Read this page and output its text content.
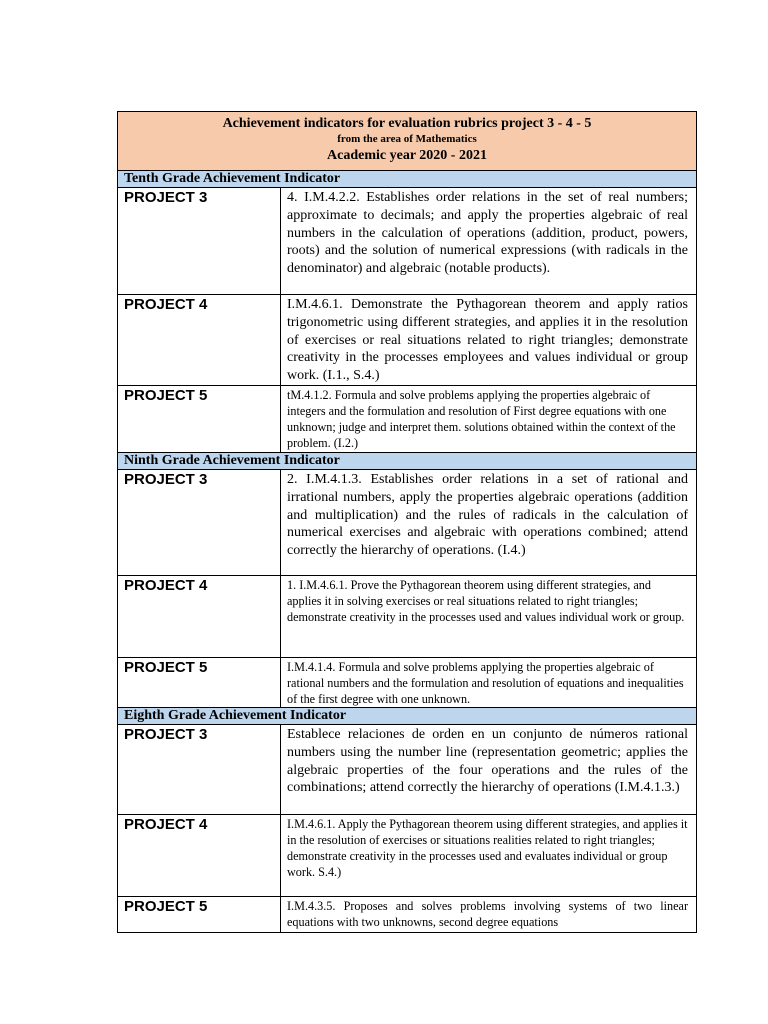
Achievement indicators for evaluation rubrics project 3 - 4 - 5
from the area of Mathematics
Academic year 2020 - 2021	

Tenth Grade Achievement Indicator	
PROJECT 3	4. I.M.4.2.2. Establishes order relations in the set of real numbers; approximate to decimals; and apply the properties algebraic of real numbers in the calculation of operations (addition, product, powers, roots) and the solution of numerical expressions (with radicals in the denominator) and algebraic (notable products).

PROJECT 4	I.M.4.6.1. Demonstrate the Pythagorean theorem and apply ratios trigonometric using different strategies, and applies it in the resolution of exercises or real situations related to right triangles; demonstrate creativity in the processes employees and values individual or group work. (I.1., S.4.)

PROJECT 5	tM.4.1.2. Formula and solve problems applying the properties algebraic of integers and the formulation and resolution of First degree equations with one unknown; judge and interpret them. solutions obtained within the context of the problem. (I.2.)

Ninth Grade Achievement Indicator	
PROJECT 3	2. I.M.4.1.3. Establishes order relations in a set of rational and irrational numbers, apply the properties algebraic operations (addition and multiplication) and the rules of radicals in the calculation of numerical exercises and algebraic with operations combined; attend correctly the hierarchy of operations. (I.4.)

PROJECT 4	1. I.M.4.6.1. Prove the Pythagorean theorem using different strategies, and applies it in solving exercises or real situations related to right triangles; demonstrate creativity in the processes used and values individual work or group.

PROJECT 5	I.M.4.1.4. Formula and solve problems applying the properties algebraic of rational numbers and the formulation and resolution of equations and inequalities of the first degree with one unknown.

Eighth Grade Achievement Indicator	
PROJECT 3	Establece relaciones de orden en un conjunto de números rational numbers using the number line (representation geometric; applies the algebraic properties of the four operations and the rules of the combinations; attend correctly the hierarchy of operations (I.M.4.1.3.)

PROJECT 4	I.M.4.6.1. Apply the Pythagorean theorem using different strategies, and applies it in the resolution of exercises or situations realities related to right triangles; demonstrate creativity in the processes used and evaluates individual or group work. S.4.)

PROJECT 5	I.M.4.3.5. Proposes and solves problems involving systems of two linear equations with two unknowns, second degree equations
